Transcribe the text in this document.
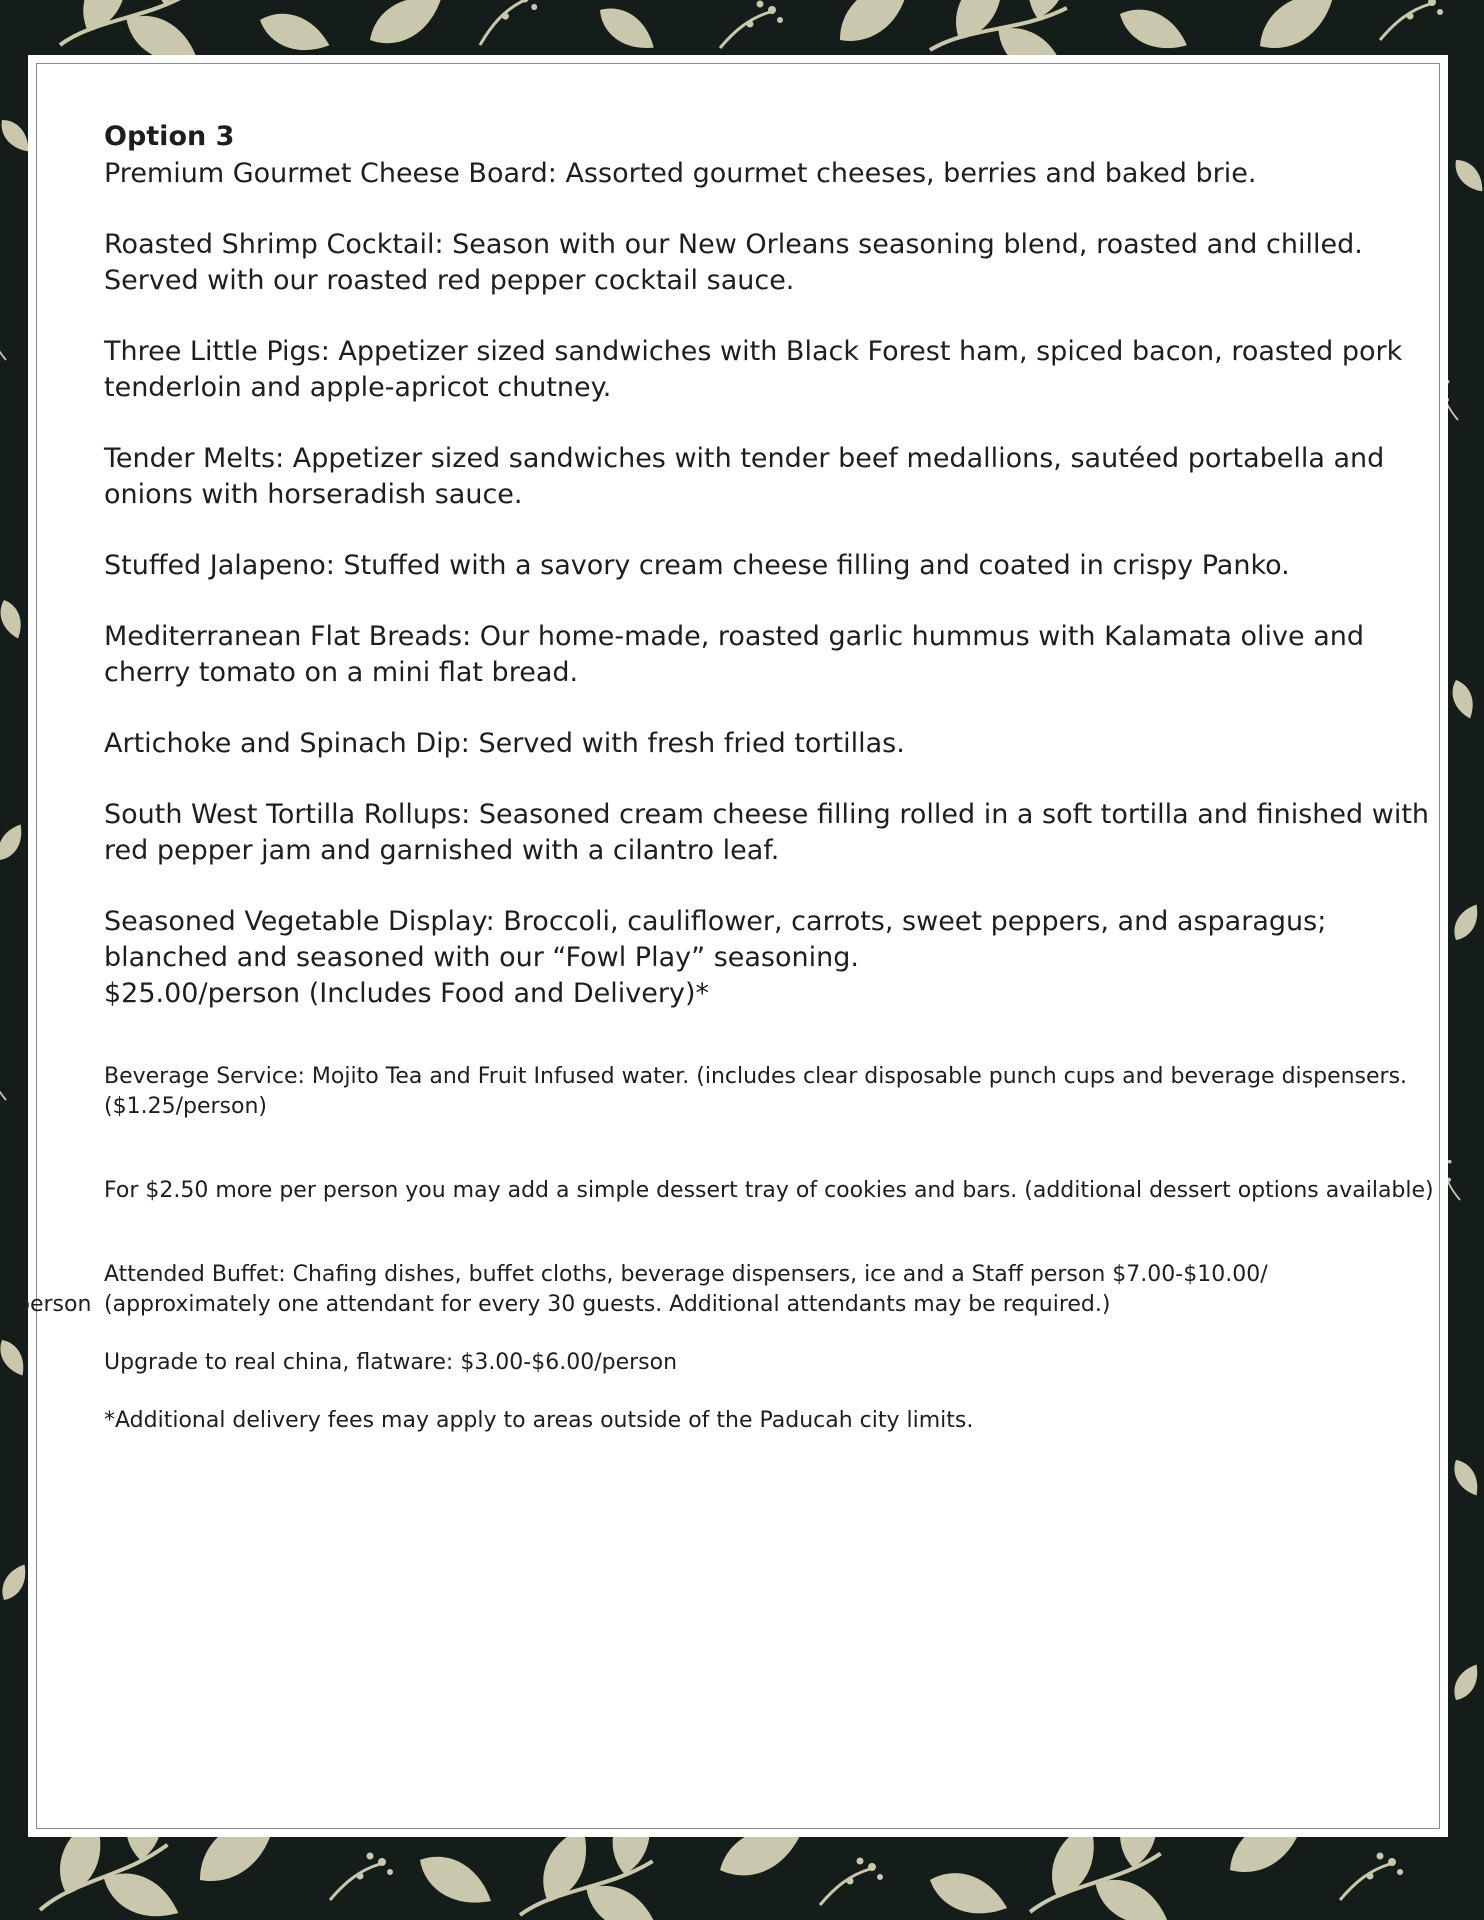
Option 3

Premium Gourmet Cheese Board: Assorted gourmet cheeses, berries and baked brie.

Roasted Shrimp Cocktail: Season with our New Orleans seasoning blend, roasted and chilled. Served with our roasted red pepper cocktail sauce.

Three Little Pigs: Appetizer sized sandwiches with Black Forest ham, spiced bacon, roasted pork tenderloin and apple-apricot chutney.

Tender Melts: Appetizer sized sandwiches with tender beef medallions, sautéed portabella and onions with horseradish sauce.

Stuffed Jalapeno: Stuffed with a savory cream cheese filling and coated in crispy Panko.

Mediterranean Flat Breads: Our home-made, roasted garlic hummus with Kalamata olive and cherry tomato on a mini flat bread.

Artichoke and Spinach Dip: Served with fresh fried tortillas.

South West Tortilla Rollups: Seasoned cream cheese filling rolled in a soft tortilla and finished with red pepper jam and garnished with a cilantro leaf.

Seasoned Vegetable Display: Broccoli, cauliflower, carrots, sweet peppers, and asparagus; blanched and seasoned with our “Fowl Play” seasoning.

$25.00/person (Includes Food and Delivery)*

Beverage Service: Mojito Tea and Fruit Infused water. (includes clear disposable punch cups and beverage dispensers. ($1.25/person)

For $2.50 more per person you may add a simple dessert tray of cookies and bars. (additional dessert options available)

Attended Buffet: Chafing dishes, buffet cloths, beverage dispensers, ice and a Staff person $7.00-$10.00/

person (approximately one attendant for every 30 guests. Additional attendants may be required.)

Upgrade to real china, flatware: $3.00-$6.00/person

*Additional delivery fees may apply to areas outside of the Paducah city limits.
